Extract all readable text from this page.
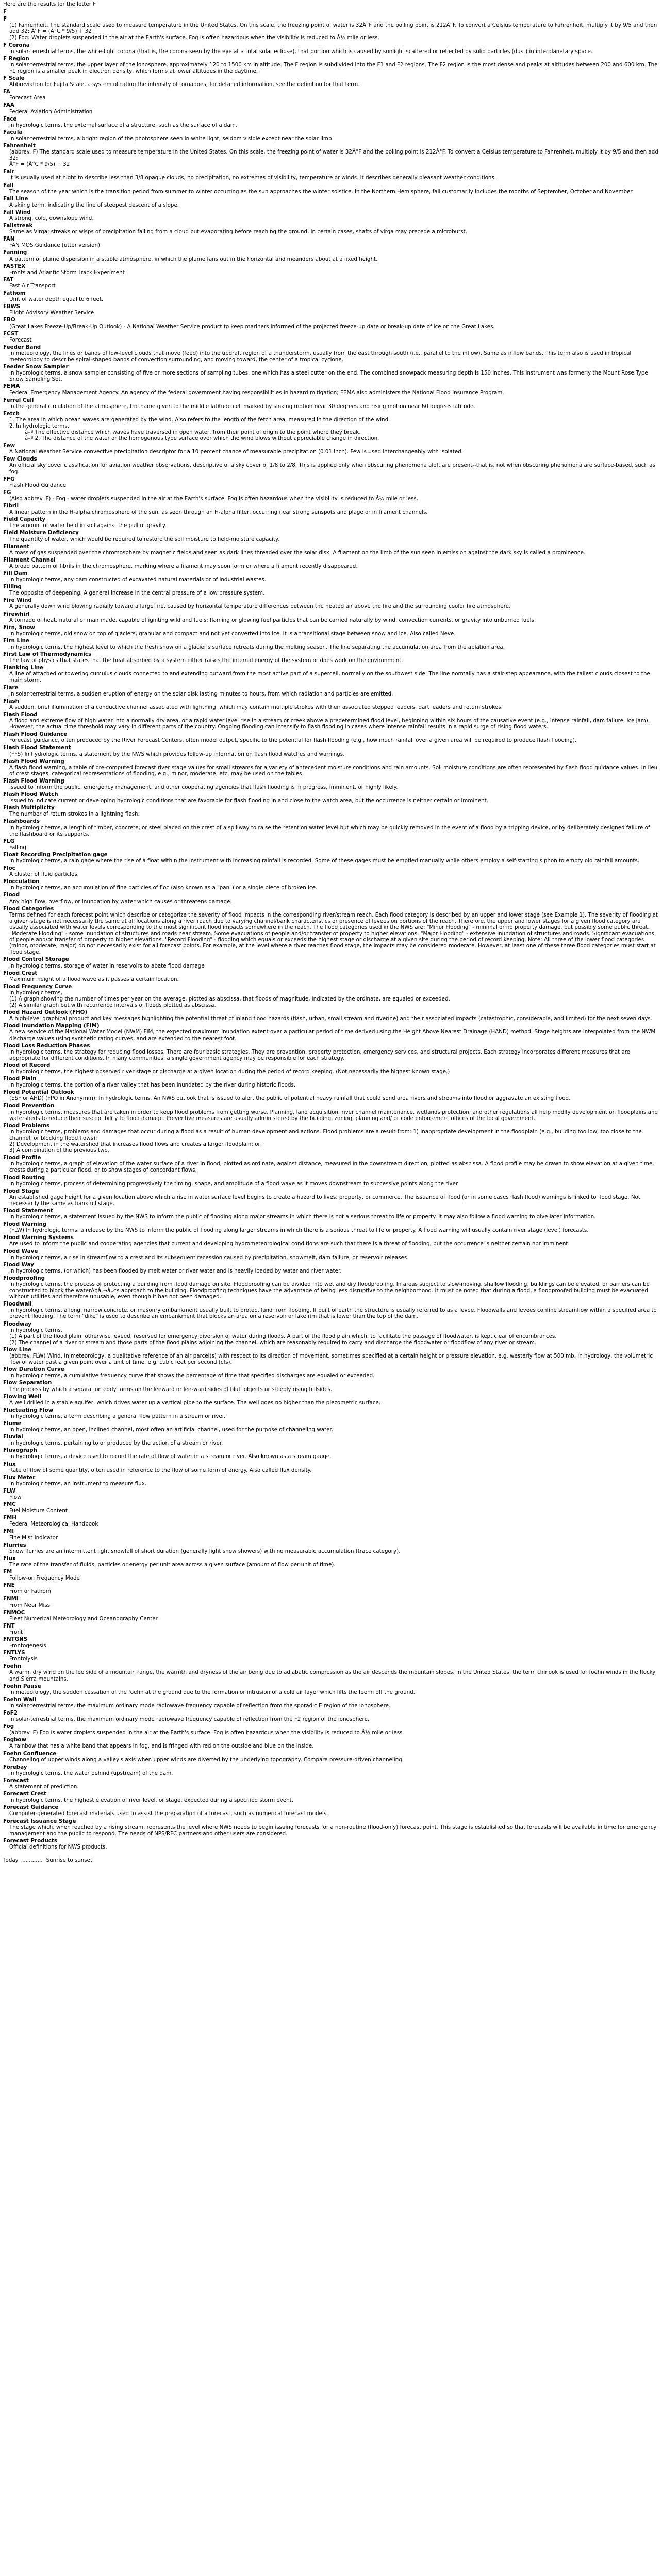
Here are the results for the letter F
F
F
(1) Fahrenheit. The standard scale used to measure temperature in the United States. On this scale, the freezing point of water is 32Â°F and the boiling point is 212Â°F. To convert a Celsius temperature to Fahrenheit, multiply it by 9/5 and then add 32: Â°F = (Â°C * 9/5) + 32
(2) Fog: Water droplets suspended in the air at the Earth's surface. Fog is often hazardous when the visibility is reduced to Â½ mile or less.
F Corona
In solar-terrestrial terms, the white-light corona (that is, the corona seen by the eye at a total solar eclipse), that portion which is caused by sunlight scattered or reflected by solid particles (dust) in interplanetary space.
F Region
In solar-terrestrial terms, the upper layer of the ionosphere, approximately 120 to 1500 km in altitude. The F region is subdivided into the F1 and F2 regions. The F2 region is the most dense and peaks at altitudes between 200 and 600 km. The F1 region is a smaller peak in electron density, which forms at lower altitudes in the daytime.
F Scale
Abbreviation for Fujita Scale, a system of rating the intensity of tornadoes; for detailed information, see the definition for that term.
FA
Forecast Area
FAA
Federal Aviation Administration
Face
In hydrologic terms, the external surface of a structure, such as the surface of a dam.
Facula
In solar-terrestrial terms, a bright region of the photosphere seen in white light, seldom visible except near the solar limb.
Fahrenheit
(abbrev. F) The standard scale used to measure temperature in the United States. On this scale, the freezing point of water is 32Â°F and the boiling point is 212Â°F. To convert a Celsius temperature to Fahrenheit, multiply it by 9/5 and then add 32:
Â°F = (Â°C * 9/5) + 32
Fair
It is usually used at night to describe less than 3/8 opaque clouds, no precipitation, no extremes of visibility, temperature or winds. It describes generally pleasant weather conditions.
Fall
The season of the year which is the transition period from summer to winter occurring as the sun approaches the winter solstice. In the Northern Hemisphere, fall customarily includes the months of September, October and November.
Fall Line
A skiing term, indicating the line of steepest descent of a slope.
Fall Wind
A strong, cold, downslope wind.
Fallstreak
Same as Virga; streaks or wisps of precipitation falling from a cloud but evaporating before reaching the ground. In certain cases, shafts of virga may precede a microburst.
FAN
FAN MOS Guidance (utter version)
Fanning
A pattern of plume dispersion in a stable atmosphere, in which the plume fans out in the horizontal and meanders about at a fixed height.
FASTEX
Fronts and Atlantic Storm Track Experiment
FAT
Fast Air Transport
Fathom
Unit of water depth equal to 6 feet.
FBWS
Flight Advisory Weather Service
FBO
(Great Lakes Freeze-Up/Break-Up Outlook) - A National Weather Service product to keep mariners informed of the projected freeze-up date or break-up date of ice on the Great Lakes.
FCST
Forecast
Feeder Band
In meteorology, the lines or bands of low-level clouds that move (feed) into the updraft region of a thunderstorm, usually from the east through south (i.e., parallel to the inflow). Same as inflow bands. This term also is used in tropical meteorology to describe spiral-shaped bands of convection surrounding, and moving toward, the center of a tropical cyclone.
Feeder Snow Sampler
In hydrologic terms, a snow sampler consisting of five or more sections of sampling tubes, one which has a steel cutter on the end. The combined snowpack measuring depth is 150 inches. This instrument was formerly the Mount Rose Type Snow Sampling Set.
FEMA
Federal Emergency Management Agency. An agency of the federal government having responsibilities in hazard mitigation; FEMA also administers the National Flood Insurance Program.
Ferrel Cell
In the general circulation of the atmosphere, the name given to the middle latitude cell marked by sinking motion near 30 degrees and rising motion near 60 degrees latitude.
Fetch
1. The area in which ocean waves are generated by the wind. Also refers to the length of the fetch area, measured in the direction of the wind.
2. In hydrologic terms,
â–ª The effective distance which waves have traversed in open water, from their point of origin to the point where they break.
â–ª 2. The distance of the water or the homogenous type surface over which the wind blows without appreciable change in direction.
Few
A National Weather Service convective precipitation descriptor for a 10 percent chance of measurable precipitation (0.01 inch). Few is used interchangeably with isolated.
Few Clouds
An official sky cover classification for aviation weather observations, descriptive of a sky cover of 1/8 to 2/8. This is applied only when obscuring phenomena aloft are present--that is, not when obscuring phenomena are surface-based, such as fog.
FFG
Flash Flood Guidance
FG
(Also abbrev. F) - Fog - water droplets suspended in the air at the Earth's surface. Fog is often hazardous when the visibility is reduced to Â½ mile or less.
Fibril
A linear pattern in the H-alpha chromosphere of the sun, as seen through an H-alpha filter, occurring near strong sunspots and plage or in filament channels.
Field Capacity
The amount of water held in soil against the pull of gravity.
Field Moisture Deficiency
The quantity of water, which would be required to restore the soil moisture to field-moisture capacity.
Filament
A mass of gas suspended over the chromosphere by magnetic fields and seen as dark lines threaded over the solar disk. A filament on the limb of the sun seen in emission against the dark sky is called a prominence.
Filament Channel
A broad pattern of fibrils in the chromosphere, marking where a filament may soon form or where a filament recently disappeared.
Fill Dam
In hydrologic terms, any dam constructed of excavated natural materials or of industrial wastes.
Filling
The opposite of deepening. A general increase in the central pressure of a low pressure system.
Fire Wind
A generally down wind blowing radially toward a large fire, caused by horizontal temperature differences between the heated air above the fire and the surrounding cooler fire atmosphere.
Firewhirl
A tornado of heat, natural or man made, capable of igniting wildland fuels; flaming or glowing fuel particles that can be carried naturally by wind, convection currents, or gravity into unburned fuels.
Firn, Snow
In hydrologic terms, old snow on top of glaciers, granular and compact and not yet converted into ice. It is a transitional stage between snow and ice. Also called Neve.
Firn Line
In hydrologic terms, the highest level to which the fresh snow on a glacier's surface retreats during the melting season. The line separating the accumulation area from the ablation area.
First Law of Thermodynamics
The law of physics that states that the heat absorbed by a system either raises the internal energy of the system or does work on the environment.
Flanking Line
A line of attached or towering cumulus clouds connected to and extending outward from the most active part of a supercell, normally on the southwest side. The line normally has a stair-step appearance, with the tallest clouds closest to the main storm.
Flare
In solar-terrestrial terms, a sudden eruption of energy on the solar disk lasting minutes to hours, from which radiation and particles are emitted.
Flash
A sudden, brief illumination of a conductive channel associated with lightning, which may contain multiple strokes with their associated stepped leaders, dart leaders and return strokes.
Flash Flood
A flood and extreme flow of high water into a normally dry area, or a rapid water level rise in a stream or creek above a predetermined flood level, beginning within six hours of the causative event (e.g., intense rainfall, dam failure, ice jam). However, the actual time threshold may vary in different parts of the country. Ongoing flooding can intensify to flash flooding in cases where intense rainfall results in a rapid surge of rising flood waters.
Flash Flood Guidance
Forecast guidance, often produced by the River Forecast Centers, often model output, specific to the potential for flash flooding (e.g., how much rainfall over a given area will be required to produce flash flooding).
Flash Flood Statement
(FFS) In hydrologic terms, a statement by the NWS which provides follow-up information on flash flood watches and warnings.
Flash Flood Warning
A flash flood warning, a table of pre-computed forecast river stage values for small streams for a variety of antecedent moisture conditions and rain amounts. Soil moisture conditions are often represented by flash flood guidance values. In lieu of crest stages, categorical representations of flooding, e.g., minor, moderate, etc. may be used on the tables.
Flash Flood Warning
Issued to inform the public, emergency management, and other cooperating agencies that flash flooding is in progress, imminent, or highly likely.
Flash Flood Watch
Issued to indicate current or developing hydrologic conditions that are favorable for flash flooding in and close to the watch area, but the occurrence is neither certain or imminent.
Flash Multiplicity
The number of return strokes in a lightning flash.
Flashboards
In hydrologic terms, a length of timber, concrete, or steel placed on the crest of a spillway to raise the retention water level but which may be quickly removed in the event of a flood by a tripping device, or by deliberately designed failure of the flashboard or its supports.
FLG
Falling
Float Recording Precipitation gage
In hydrologic terms, a rain gage where the rise of a float within the instrument with increasing rainfall is recorded. Some of these gages must be emptied manually while others employ a self-starting siphon to empty old rainfall amounts.
Floc
A cluster of fluid particles.
Flocculation
In hydrologic terms, an accumulation of fine particles of floc (also known as a "pan") or a single piece of broken ice.
Flood
Any high flow, overflow, or inundation by water which causes or threatens damage.
Flood Categories
Terms defined for each forecast point which describe or categorize the severity of flood impacts in the corresponding river/stream reach. Each flood category is described by an upper and lower stage (see Example 1). The severity of flooding at a given stage is not necessarily the same at all locations along a river reach due to varying channel/bank characteristics or presence of levees on portions of the reach. Therefore, the upper and lower stages for a given flood category are usually associated with water levels corresponding to the most significant flood impacts somewhere in the reach. The flood categories used in the NWS are: "Minor Flooding" - minimal or no property damage, but possibly some public threat. "Moderate Flooding" - some inundation of structures and roads near stream. Some evacuations of people and/or transfer of property to higher elevations. "Major Flooding" - extensive inundation of structures and roads. Significant evacuations of people and/or transfer of property to higher elevations. "Record Flooding" - flooding which equals or exceeds the highest stage or discharge at a given site during the period of record keeping. Note: All three of the lower flood categories (minor, moderate, major) do not necessarily exist for all forecast points. For example, at the level where a river reaches flood stage, the impacts may be considered moderate. However, at least one of these three flood categories must start at flood stage.
Flood Control Storage
In hydrologic terms, storage of water in reservoirs to abate flood damage
Flood Crest
Maximum height of a flood wave as it passes a certain location.
Flood Frequency Curve
In hydrologic terms,
(1) A graph showing the number of times per year on the average, plotted as abscissa, that floods of magnitude, indicated by the ordinate, are equaled or exceeded.
(2) A similar graph but with recurrence intervals of floods plotted as abscissa.
Flood Hazard Outlook (FHO)
A high-level graphical product and key messages highlighting the potential threat of inland flood hazards (flash, urban, small stream and riverine) and their associated impacts (catastrophic, considerable, and limited) for the next seven days.
Flood Inundation Mapping (FIM)
A new service of the National Water Model (NWM) FIM, the expected maximum inundation extent over a particular period of time derived using the Height Above Nearest Drainage (HAND) method. Stage heights are interpolated from the NWM discharge values using synthetic rating curves, and are extended to the nearest foot.
Flood Loss Reduction Phases
In hydrologic terms, the strategy for reducing flood losses. There are four basic strategies. They are prevention, property protection, emergency services, and structural projects. Each strategy incorporates different measures that are appropriate for different conditions. In many communities, a single government agency may be responsible for each strategy.
Flood of Record
In hydrologic terms, the highest observed river stage or discharge at a given location during the period of record keeping. (Not necessarily the highest known stage.)
Flood Plain
In hydrologic terms, the portion of a river valley that has been inundated by the river during historic floods.
Flood Potential Outlook
(ESF or AHD) (FPO in Anonymm): In hydrologic terms, An NWS outlook that is issued to alert the public of potential heavy rainfall that could send area rivers and streams into flood or aggravate an existing flood.
Flood Prevention
In hydrologic terms, measures that are taken in order to keep flood problems from getting worse. Planning, land acquisition, river channel maintenance, wetlands protection, and other regulations all help modify development on floodplains and watersheds to reduce their susceptibility to flood damage. Preventive measures are usually administered by the building, zoning, planning and/ or code enforcement offices of the local government.
Flood Problems
In hydrologic terms, problems and damages that occur during a flood as a result of human development and actions. Flood problems are a result from: 1) Inappropriate development in the floodplain (e.g., building too low, too close to the channel, or blocking flood flows);
2) Development in the watershed that increases flood flows and creates a larger floodplain; or;
3) A combination of the previous two.
Flood Profile
In hydrologic terms, a graph of elevation of the water surface of a river in flood, plotted as ordinate, against distance, measured in the downstream direction, plotted as abscissa. A flood profile may be drawn to show elevation at a given time, crests during a particular flood, or to show stages of concordant flows.
Flood Routing
In hydrologic terms, process of determining progressively the timing, shape, and amplitude of a flood wave as it moves downstream to successive points along the river
Flood Stage
An established gage height for a given location above which a rise in water surface level begins to create a hazard to lives, property, or commerce. The issuance of flood (or in some cases flash flood) warnings is linked to flood stage. Not necessarily the same as bankfull stage.
Flood Statement
In hydrologic terms, a statement issued by the NWS to inform the public of flooding along major streams in which there is not a serious threat to life or property. It may also follow a flood warning to give later information.
Flood Warning
(FLW) In hydrologic terms, a release by the NWS to inform the public of flooding along larger streams in which there is a serious threat to life or property. A flood warning will usually contain river stage (level) forecasts.
Flood Warning Systems
Are used to inform the public and cooperating agencies that current and developing hydrometeorological conditions are such that there is a threat of flooding, but the occurrence is neither certain nor imminent.
Flood Wave
In hydrologic terms, a rise in streamflow to a crest and its subsequent recession caused by precipitation, snowmelt, dam failure, or reservoir releases.
Flood Way
In hydrologic terms, (or which) has been flooded by melt water or river water and is heavily loaded by water and river water.
Floodproofing
In hydrologic terms, the process of protecting a building from flood damage on site. Floodproofing can be divided into wet and dry floodproofing. In areas subject to slow-moving, shallow flooding, buildings can be elevated, or barriers can be constructed to block the waterÃ¢â‚¬â„¢s approach to the building. Floodproofing techniques have the advantage of being less disruptive to the neighborhood. It must be noted that during a flood, a floodproofed building must be evacuated without utilities and therefore unusable, even though it has not been damaged.
Floodwall
In hydrologic terms, a long, narrow concrete, or masonry embankment usually built to protect land from flooding. If built of earth the structure is usually referred to as a levee. Floodwalls and levees confine streamflow within a specified area to prevent flooding. The term "dike" is used to describe an embankment that blocks an area on a reservoir or lake rim that is lower than the top of the dam.
Floodway
In hydrologic terms,
(1) A part of the flood plain, otherwise leveed, reserved for emergency diversion of water during floods. A part of the flood plain which, to facilitate the passage of floodwater, is kept clear of encumbrances.
(2) The channel of a river or stream and those parts of the flood plains adjoining the channel, which are reasonably required to carry and discharge the floodwater or floodflow of any river or stream.
Flow Line
(abbrev. FLW) Wind. In meteorology, a qualitative reference of an air parcel(s) with respect to its direction of movement, sometimes specified at a certain height or pressure elevation, e.g. westerly flow at 500 mb. In hydrology, the volumetric flow of water past a given point over a unit of time, e.g. cubic feet per second (cfs).
Flow Duration Curve
In hydrologic terms, a cumulative frequency curve that shows the percentage of time that specified discharges are equaled or exceeded.
Flow Separation
The process by which a separation eddy forms on the leeward or lee-ward sides of bluff objects or steeply rising hillsides.
Flowing Well
A well drilled in a stable aquifer, which drives water up a vertical pipe to the surface. The well goes no higher than the piezometric surface.
Fluctuating Flow
In hydrologic terms, a term describing a general flow pattern in a stream or river.
Flume
In hydrologic terms, an open, inclined channel, most often an artificial channel, used for the purpose of channeling water.
Fluvial
In hydrologic terms, pertaining to or produced by the action of a stream or river.
Fluvograph
In hydrologic terms, a device used to record the rate of flow of water in a stream or river. Also known as a stream gauge.
Flux
Rate of flow of some quantity, often used in reference to the flow of some form of energy. Also called flux density.
Flux Meter
In hydrologic terms, an instrument to measure flux.
FLW
Flow
FMC
Fuel Moisture Content
FMH
Federal Meteorological Handbook
FMI
Fine Mist Indicator
Flurries
Snow flurries are an intermittent light snowfall of short duration (generally light snow showers) with no measurable accumulation (trace category).
Flux
The rate of the transfer of fluids, particles or energy per unit area across a given surface (amount of flow per unit of time).
FM
Follow-on Frequency Mode
FNE
From or Fathom
FNMI
From Near Miss
FNMOC
Fleet Numerical Meteorology and Oceanography Center
FNT
Front
FNTGNS
Frontogenesis
FNTLYS
Frontolysis
Foehn
A warm, dry wind on the lee side of a mountain range, the warmth and dryness of the air being due to adiabatic compression as the air descends the mountain slopes. In the United States, the term chinook is used for foehn winds in the Rocky and Sierra mountains.
Foehn Pause
In meteorology, the sudden cessation of the foehn at the ground due to the formation or intrusion of a cold air layer which lifts the foehn off the ground.
Foehn Wall
In solar-terrestrial terms, the maximum ordinary mode radiowave frequency capable of reflection from the sporadic E region of the ionosphere.
FoF2
In solar-terrestrial terms, the maximum ordinary mode radiowave frequency capable of reflection from the F2 region of the ionosphere.
Fog
(abbrev. F) Fog is water droplets suspended in the air at the Earth's surface. Fog is often hazardous when the visibility is reduced to Â½ mile or less.
Fogbow
A rainbow that has a white band that appears in fog, and is fringed with red on the outside and blue on the inside.
Foehn Confluence
Channeling of upper winds along a valley's axis when upper winds are diverted by the underlying topography. Compare pressure-driven channeling.
Forebay
In hydrologic terms, the water behind (upstream) of the dam.
Forecast
A statement of prediction.
Forecast Crest
In hydrologic terms, the highest elevation of river level, or stage, expected during a specified storm event.
Forecast Guidance
Computer-generated forecast materials used to assist the preparation of a forecast, such as numerical forecast models.
Forecast Issuance Stage
The stage which, when reached by a rising stream, represents the level where NWS needs to begin issuing forecasts for a non-routine (flood-only) forecast point. This stage is established so that forecasts will be available in time for emergency management and the public to respond. The needs of NPS/RFC partners and other users are considered.
Forecast Products
Official definitions for NWS products.
Today ............ Sunrise to sunset
